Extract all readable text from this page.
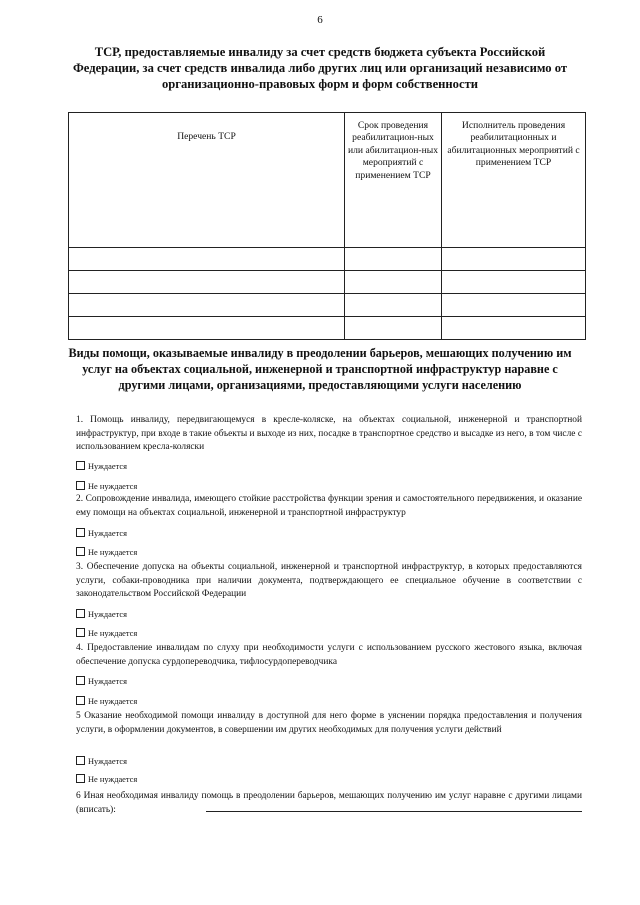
6
ТСР, предоставляемые инвалиду за счет средств бюджета субъекта Российской Федерации, за счет средств инвалида либо других лиц или организаций независимо от организационно-правовых форм и форм собственности
Перечень ТСР	Срок проведения реабилитацион-ных или абилитацион-ных мероприятий с применением ТСР	Исполнитель проведения реабилитационных и абилитационных мероприятий с применением ТСР

Виды помощи, оказываемые инвалиду в преодолении барьеров, мешающих получению им услуг на объектах социальной, инженерной и транспортной инфраструктур наравне с другими лицами, организациями, предоставляющими услуги населению
1. Помощь инвалиду, передвигающемуся в кресле-коляске, на объектах социальной, инженерной и транспортной инфраструктур, при входе в такие объекты и выходе из них, посадке в транспортное средство и высадке из него, в том числе с использованием кресла-коляски
Нуждается
Не нуждается
2. Сопровождение инвалида, имеющего стойкие расстройства функции зрения и самостоятельного передвижения, и оказание ему помощи на объектах социальной, инженерной и транспортной инфраструктур
Нуждается
Не нуждается
3. Обеспечение допуска на объекты социальной, инженерной и транспортной инфраструктур, в которых предоставляются услуги, собаки-проводника при наличии документа, подтверждающего ее специальное обучение в соответствии с законодательством Российской Федерации
Нуждается
Не нуждается
4. Предоставление инвалидам по слуху при необходимости услуги с использованием русского жестового языка, включая обеспечение допуска сурдопереводчика, тифлосурдопереводчика
Нуждается
Не нуждается
5 Оказание необходимой помощи инвалиду в доступной для него форме в уяснении порядка предоставления и получения услуги, в оформлении документов, в совершении им других необходимых для получения услуги действий
Нуждается
Не нуждается
6 Иная необходимая инвалиду помощь в преодолении барьеров, мешающих получению им услуг наравне с другими лицами (вписать):
